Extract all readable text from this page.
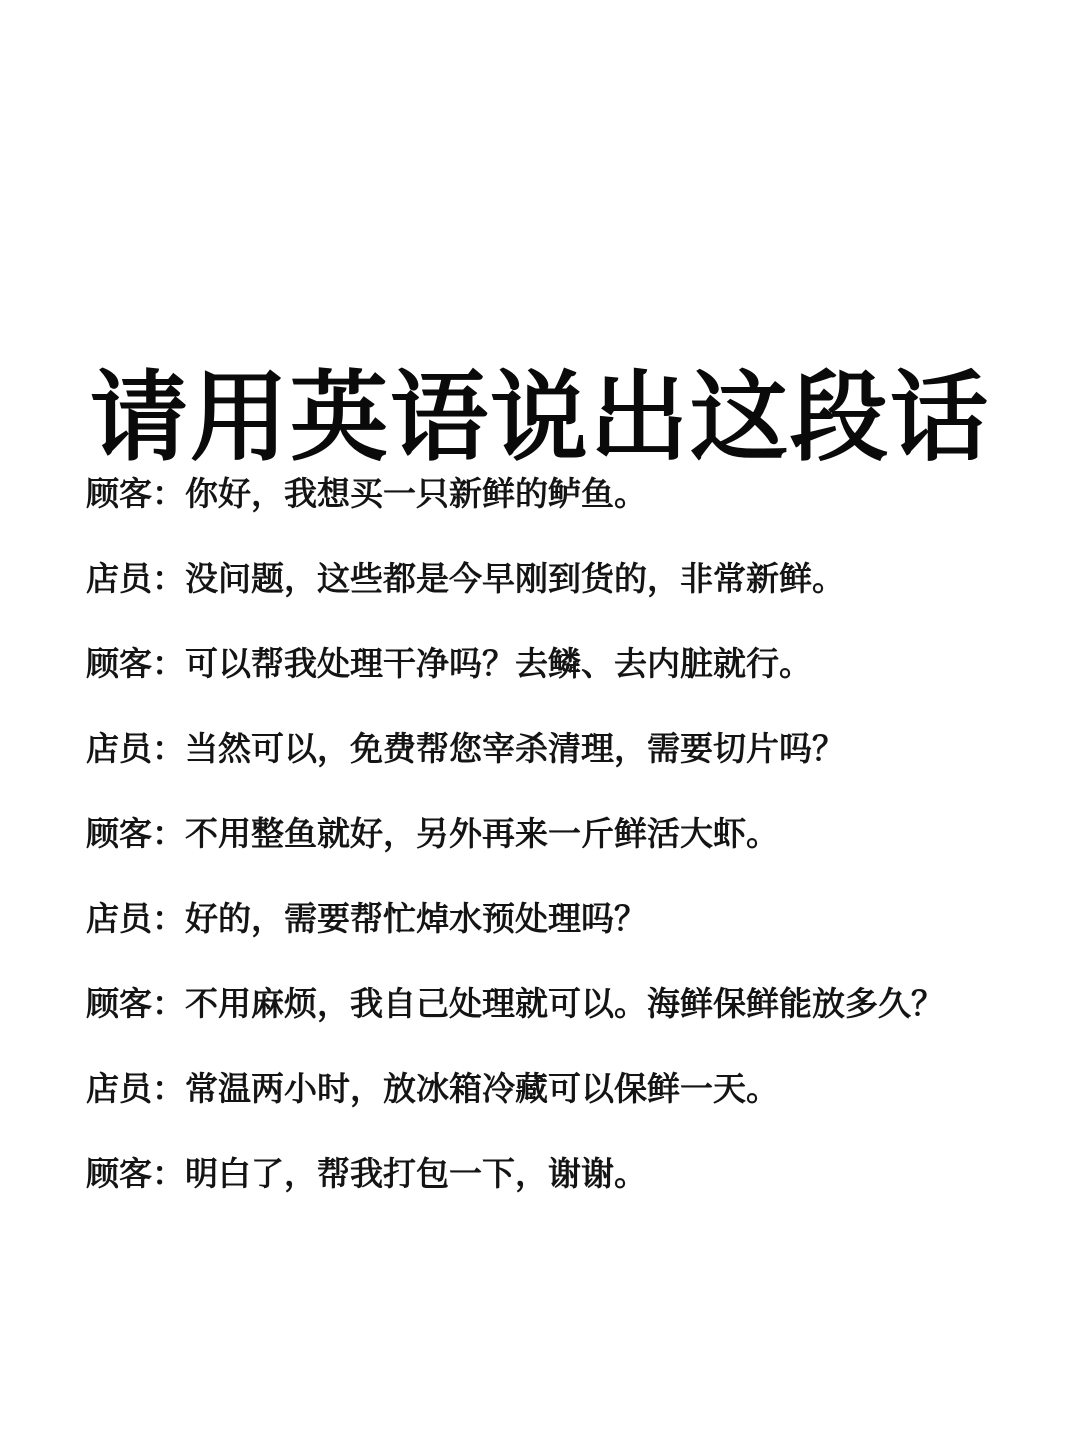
请用英语说出这段话
顾客：你好，我想买一只新鲜的鲈鱼。
店员：没问题，这些都是今早刚到货的，非常新鲜。
顾客：可以帮我处理干净吗？去鳞、去内脏就行。
店员：当然可以，免费帮您宰杀清理，需要切片吗？
顾客：不用整鱼就好，另外再来一斤鲜活大虾。
店员：好的，需要帮忙焯水预处理吗？
顾客：不用麻烦，我自己处理就可以。海鲜保鲜能放多久？
店员：常温两小时，放冰箱冷藏可以保鲜一天。
顾客：明白了，帮我打包一下，谢谢。
